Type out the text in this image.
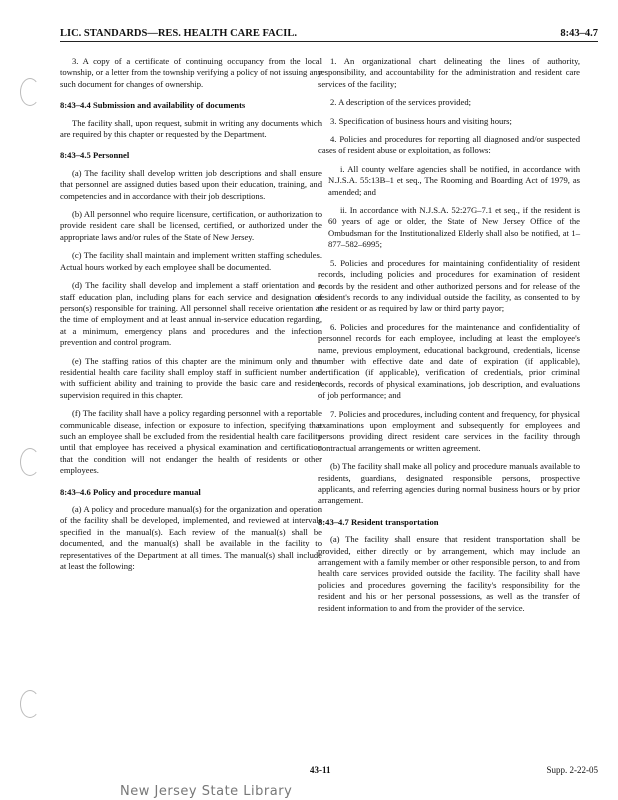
LIC. STANDARDS—RES. HEALTH CARE FACIL.	8:43–4.7

3. A copy of a certificate of continuing occupancy from the local township, or a letter from the township verifying a policy of not issuing any such document for changes of ownership.

8:43–4.4 Submission and availability of documents

The facility shall, upon request, submit in writing any documents which are required by this chapter or requested by the Department.

8:43–4.5 Personnel

(a) The facility shall develop written job descriptions and shall ensure that personnel are assigned duties based upon their education, training, and competencies and in accordance with their job descriptions.

(b) All personnel who require licensure, certification, or authorization to provide resident care shall be licensed, certified, or authorized under the appropriate laws and/or rules of the State of New Jersey.

(c) The facility shall maintain and implement written staffing schedules. Actual hours worked by each employee shall be documented.

(d) The facility shall develop and implement a staff orientation and a staff education plan, including plans for each service and designation of person(s) responsible for training. All personnel shall receive orientation at the time of employment and at least annual in-service education regarding, at a minimum, emergency plans and procedures and the infection prevention and control program.

(e) The staffing ratios of this chapter are the minimum only and the residential health care facility shall employ staff in sufficient number and with sufficient ability and training to provide the basic care and resident supervision required in this chapter.

(f) The facility shall have a policy regarding personnel with a reportable communicable disease, infection or exposure to infection, specifying that such an employee shall be excluded from the residential health care facility until that employee has received a physical examination and certification that the condition will not endanger the health of residents or other employees.

8:43–4.6 Policy and procedure manual

(a) A policy and procedure manual(s) for the organization and operation of the facility shall be developed, implemented, and reviewed at intervals specified in the manual(s). Each review of the manual(s) shall be documented, and the manual(s) shall be available in the facility to representatives of the Department at all times. The manual(s) shall include at least the following:

1. An organizational chart delineating the lines of authority, responsibility, and accountability for the administration and resident care services of the facility;

2. A description of the services provided;

3. Specification of business hours and visiting hours;

4. Policies and procedures for reporting all diagnosed and/or suspected cases of resident abuse or exploitation, as follows:

i. All county welfare agencies shall be notified, in accordance with N.J.S.A. 55:13B–1 et seq., The Rooming and Boarding Act of 1979, as amended; and

ii. In accordance with N.J.S.A. 52:27G–7.1 et seq., if the resident is 60 years of age or older, the State of New Jersey Office of the Ombudsman for the Institutionalized Elderly shall also be notified, at 1–877–582–6995;

5. Policies and procedures for maintaining confidentiality of resident records, including policies and procedures for examination of resident records by the resident and other authorized persons and for release of the resident's records to any individual outside the facility, as consented to by the resident or as required by law or third party payor;

6. Policies and procedures for the maintenance and confidentiality of personnel records for each employee, including at least the employee's name, previous employment, educational background, credentials, license number with effective date and date of expiration (if applicable), certification (if applicable), verification of credentials, prior criminal records, records of physical examinations, job description, and evaluations of job performance; and

7. Policies and procedures, including content and frequency, for physical examinations upon employment and subsequently for employees and persons providing direct resident care services in the facility through contractual arrangements or written agreement.

(b) The facility shall make all policy and procedure manuals available to residents, guardians, designated responsible persons, prospective applicants, and referring agencies during normal business hours or by prior arrangement.

8:43–4.7 Resident transportation

(a) The facility shall ensure that resident transportation shall be provided, either directly or by arrangement, which may include an arrangement with a family member or other responsible person, to and from health care services provided outside the facility. The facility shall have policies and procedures governing the facility's responsibility for the resident and his or her personal possessions, as well as the transfer of resident information to and from the provider of the service.

43-11	Supp. 2-22-05
New Jersey State Library
